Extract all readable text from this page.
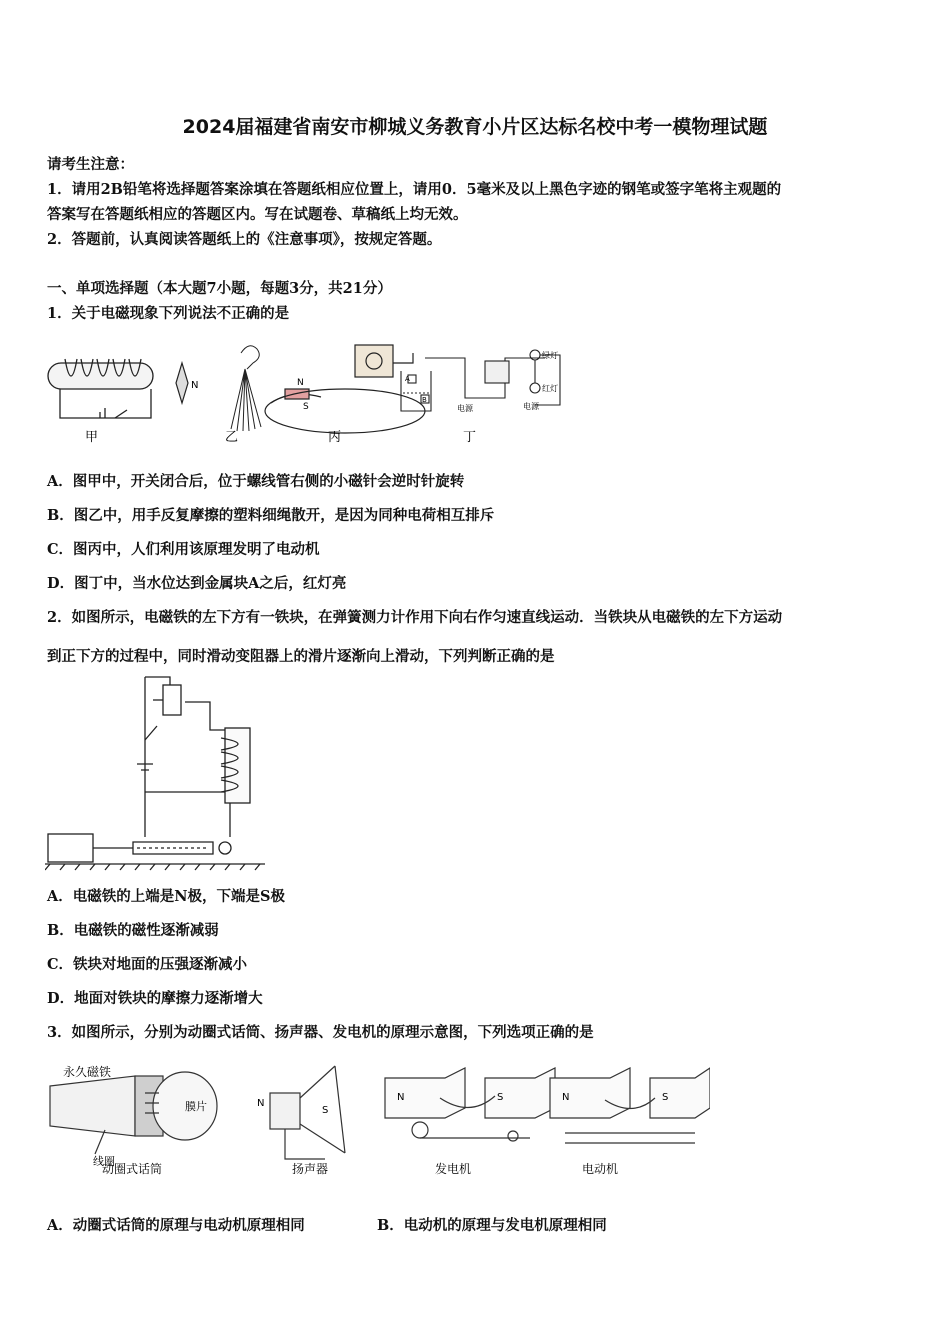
2024届福建省南安市柳城义务教育小片区达标名校中考一模物理试题
请考生注意：
1．请用2B铅笔将选择题答案涂填在答题纸相应位置上，请用0．5毫米及以上黑色字迹的钢笔或签字笔将主观题的
答案写在答题纸相应的答题区内。写在试题卷、草稿纸上均无效。
2．答题前，认真阅读答题纸上的《注意事项》，按规定答题。
一、单项选择题（本大题7小题，每题3分，共21分）
1．关于电磁现象下列说法不正确的是
N	N
S
A
B
绿灯
红灯
电源	电源
甲	乙	丙	丁
A．图甲中，开关闭合后，位于螺线管右侧的小磁针会逆时针旋转
B．图乙中，用手反复摩擦的塑料细绳散开，是因为同种电荷相互排斥
C．图丙中，人们利用该原理发明了电动机
D．图丁中，当水位达到金属块A之后，红灯亮
2．如图所示，电磁铁的左下方有一铁块，在弹簧测力计作用下向右作匀速直线运动．当铁块从电磁铁的左下方运动
到正下方的过程中，同时滑动变阻器上的滑片逐渐向上滑动，下列判断正确的是
A．电磁铁的上端是N极，下端是S极
B．电磁铁的磁性逐渐减弱
C．铁块对地面的压强逐渐减小
D．地面对铁块的摩擦力逐渐增大
3．如图所示，分别为动圈式话筒、扬声器、发电机的原理示意图，下列选项正确的是
永久磁铁
膜片
线圈
N
S
N	S	N	S
动圈式话筒	扬声器	发电机	电动机
A．动圈式话筒的原理与电动机原理相同	B．电动机的原理与发电机原理相同
